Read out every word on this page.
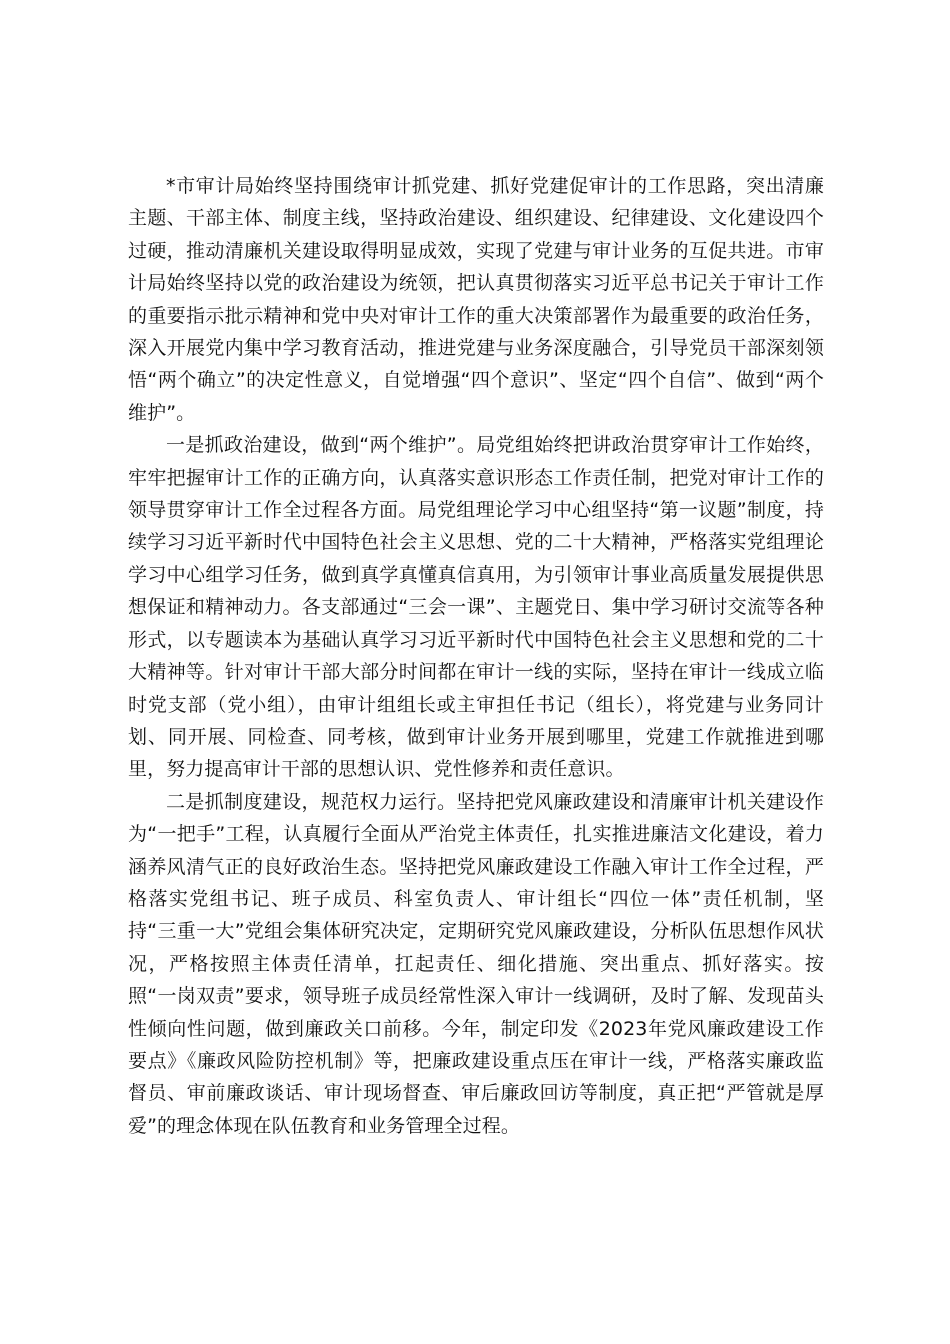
*市审计局始终坚持围绕审计抓党建、抓好党建促审计的工作思路，突出清廉主题、干部主体、制度主线，坚持政治建设、组织建设、纪律建设、文化建设四个过硬，推动清廉机关建设取得明显成效，实现了党建与审计业务的互促共进。市审计局始终坚持以党的政治建设为统领，把认真贯彻落实习近平总书记关于审计工作的重要指示批示精神和党中央对审计工作的重大决策部署作为最重要的政治任务，深入开展党内集中学习教育活动，推进党建与业务深度融合，引导党员干部深刻领悟“两个确立”的决定性意义，自觉增强“四个意识”、坚定“四个自信”、做到“两个维护”。

一是抓政治建设，做到“两个维护”。局党组始终把讲政治贯穿审计工作始终，牢牢把握审计工作的正确方向，认真落实意识形态工作责任制，把党对审计工作的领导贯穿审计工作全过程各方面。局党组理论学习中心组坚持“第一议题”制度，持续学习习近平新时代中国特色社会主义思想、党的二十大精神，严格落实党组理论学习中心组学习任务，做到真学真懂真信真用，为引领审计事业高质量发展提供思想保证和精神动力。各支部通过“三会一课”、主题党日、集中学习研讨交流等各种形式，以专题读本为基础认真学习习近平新时代中国特色社会主义思想和党的二十大精神等。针对审计干部大部分时间都在审计一线的实际，坚持在审计一线成立临时党支部（党小组），由审计组组长或主审担任书记（组长），将党建与业务同计划、同开展、同检查、同考核，做到审计业务开展到哪里，党建工作就推进到哪里，努力提高审计干部的思想认识、党性修养和责任意识。

二是抓制度建设，规范权力运行。坚持把党风廉政建设和清廉审计机关建设作为“一把手”工程，认真履行全面从严治党主体责任，扎实推进廉洁文化建设，着力涵养风清气正的良好政治生态。坚持把党风廉政建设工作融入审计工作全过程，严格落实党组书记、班子成员、科室负责人、审计组长“四位一体”责任机制，坚持“三重一大”党组会集体研究决定，定期研究党风廉政建设，分析队伍思想作风状况，严格按照主体责任清单，扛起责任、细化措施、突出重点、抓好落实。按照“一岗双责”要求，领导班子成员经常性深入审计一线调研，及时了解、发现苗头性倾向性问题，做到廉政关口前移。今年，制定印发《2023年党风廉政建设工作要点》《廉政风险防控机制》等，把廉政建设重点压在审计一线，严格落实廉政监督员、审前廉政谈话、审计现场督查、审后廉政回访等制度，真正把“严管就是厚爱”的理念体现在队伍教育和业务管理全过程。
